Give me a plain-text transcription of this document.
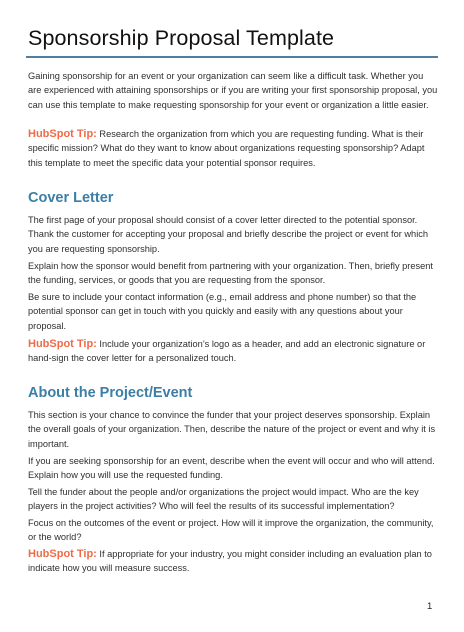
Sponsorship Proposal Template

Gaining sponsorship for an event or your organization can seem like a difficult task. Whether you are experienced with attaining sponsorships or if you are writing your first sponsorship proposal, you can use this template to make requesting sponsorship for your event or organization a little easier.

HubSpot Tip: Research the organization from which you are requesting funding. What is their specific mission? What do they want to know about organizations requesting sponsorship? Adapt this template to meet the specific data your potential sponsor requires.

Cover Letter

The first page of your proposal should consist of a cover letter directed to the potential sponsor. Thank the customer for accepting your proposal and briefly describe the project or event for which you are requesting sponsorship.

Explain how the sponsor would benefit from partnering with your organization. Then, briefly present the funding, services, or goods that you are requesting from the sponsor.

Be sure to include your contact information (e.g., email address and phone number) so that the potential sponsor can get in touch with you quickly and easily with any questions about your proposal.

HubSpot Tip: Include your organization’s logo as a header, and add an electronic signature or hand-sign the cover letter for a personalized touch.

About the Project/Event

This section is your chance to convince the funder that your project deserves sponsorship. Explain the overall goals of your organization. Then, describe the nature of the project or event and why it is important.

If you are seeking sponsorship for an event, describe when the event will occur and who will attend. Explain how you will use the requested funding.

Tell the funder about the people and/or organizations the project would impact. Who are the key players in the project activities? Who will feel the results of its successful implementation?

Focus on the outcomes of the event or project. How will it improve the organization, the community, or the world?

HubSpot Tip: If appropriate for your industry, you might consider including an evaluation plan to indicate how you will measure success.

1
